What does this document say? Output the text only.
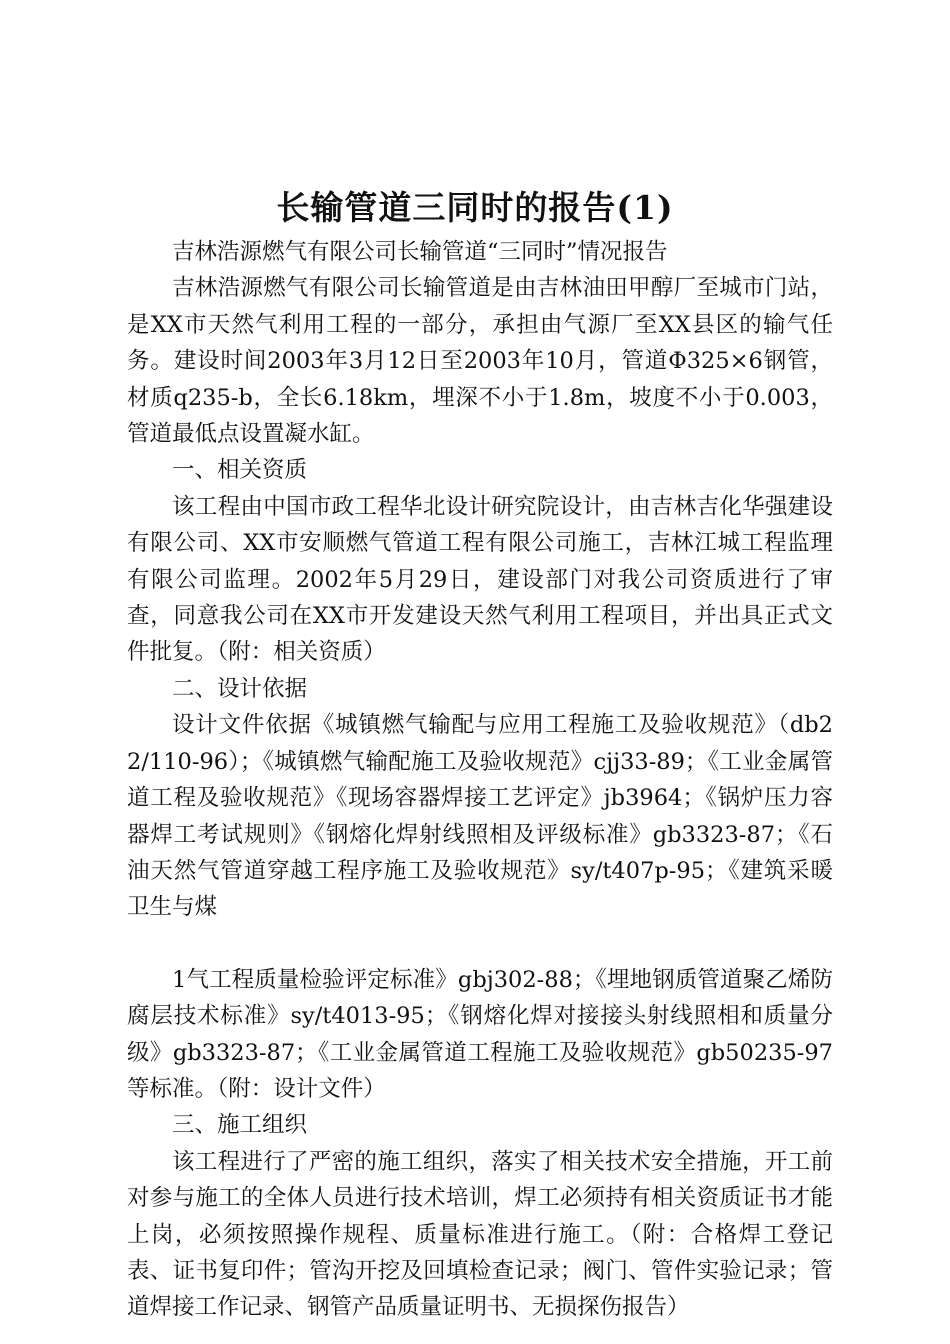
长输管道三同时的报告(1)

吉林浩源燃气有限公司长输管道“三同时”情况报告

吉林浩源燃气有限公司长输管道是由吉林油田甲醇厂至城市门站，是XX市天然气利用工程的一部分，承担由气源厂至XX县区的输气任务。建设时间2003年3月12日至2003年10月，管道Φ325×6钢管，材质q235-b，全长6.18km，埋深不小于1.8m，坡度不小于0.003，管道最低点设置凝水缸。

一、相关资质

该工程由中国市政工程华北设计研究院设计，由吉林吉化华强建设有限公司、XX市安顺燃气管道工程有限公司施工，吉林江城工程监理有限公司监理。2002年5月29日，建设部门对我公司资质进行了审查，同意我公司在XX市开发建设天然气利用工程项目，并出具正式文件批复。（附：相关资质）

二、设计依据

设计文件依据《城镇燃气输配与应用工程施工及验收规范》（db22/110-96）；《城镇燃气输配施工及验收规范》cjj33-89；《工业金属管道工程及验收规范》《现场容器焊接工艺评定》jb3964；《锅炉压力容器焊工考试规则》《钢熔化焊射线照相及评级标准》gb3323-87；《石油天然气管道穿越工程序施工及验收规范》sy/t407p-95；《建筑采暖卫生与煤

1气工程质量检验评定标准》gbj302-88；《埋地钢质管道聚乙烯防腐层技术标准》sy/t4013-95；《钢熔化焊对接接头射线照相和质量分级》gb3323-87；《工业金属管道工程施工及验收规范》gb50235-97等标准。（附：设计文件）

三、施工组织

该工程进行了严密的施工组织，落实了相关技术安全措施，开工前对参与施工的全体人员进行技术培训，焊工必须持有相关资质证书才能上岗，必须按照操作规程、质量标准进行施工。（附：合格焊工登记表、证书复印件；管沟开挖及回填检查记录；阀门、管件实验记录；管道焊接工作记录、钢管产品质量证明书、无损探伤报告）
